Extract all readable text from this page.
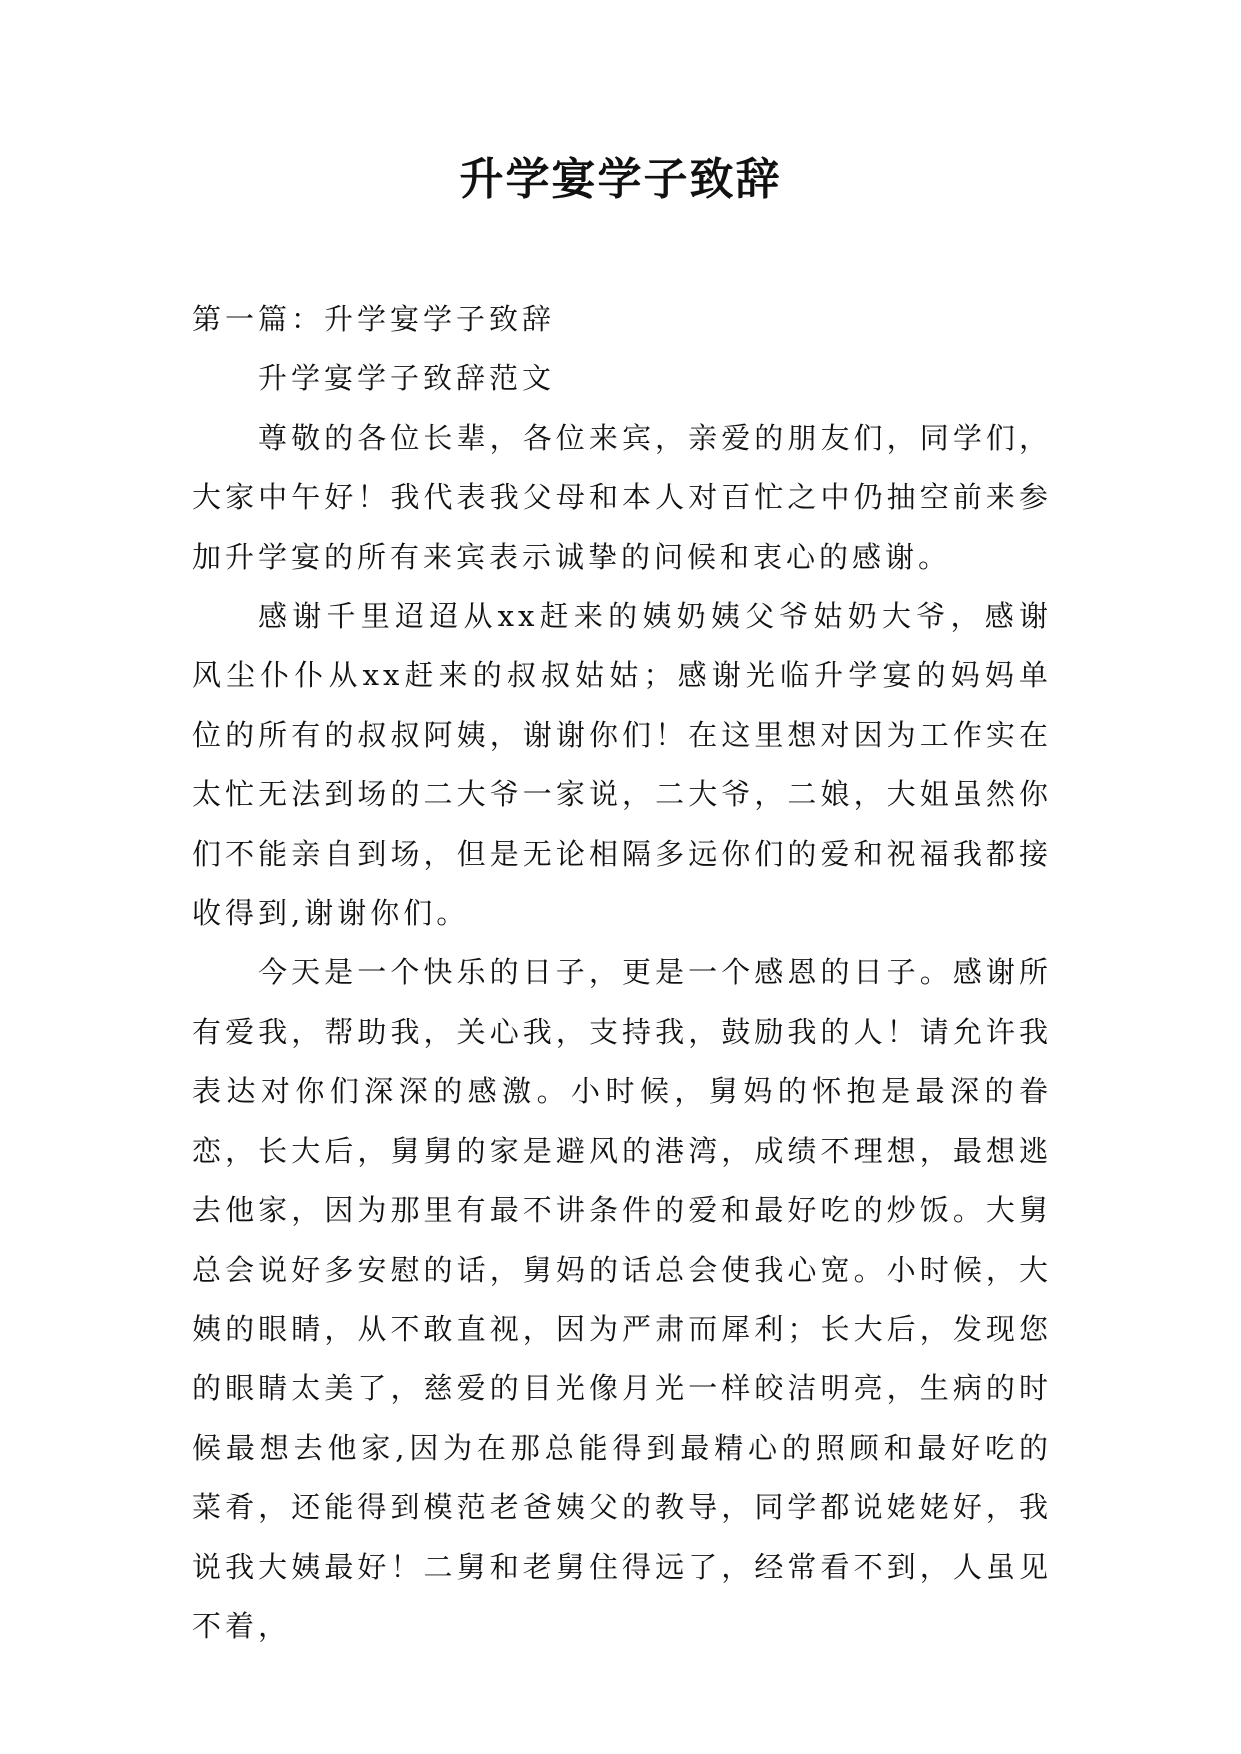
升学宴学子致辞

第一篇：升学宴学子致辞

升学宴学子致辞范文

尊敬的各位长辈，各位来宾，亲爱的朋友们，同学们，大家中午好！我代表我父母和本人对百忙之中仍抽空前来参加升学宴的所有来宾表示诚挚的问候和衷心的感谢。

感谢千里迢迢从xx赶来的姨奶姨父爷姑奶大爷，感谢风尘仆仆从xx赶来的叔叔姑姑；感谢光临升学宴的妈妈单位的所有的叔叔阿姨，谢谢你们！在这里想对因为工作实在太忙无法到场的二大爷一家说，二大爷，二娘，大姐虽然你们不能亲自到场，但是无论相隔多远你们的爱和祝福我都接收得到,谢谢你们。

今天是一个快乐的日子，更是一个感恩的日子。感谢所有爱我，帮助我，关心我，支持我，鼓励我的人！请允许我表达对你们深深的感激。小时候，舅妈的怀抱是最深的眷恋，长大后，舅舅的家是避风的港湾，成绩不理想，最想逃去他家，因为那里有最不讲条件的爱和最好吃的炒饭。大舅总会说好多安慰的话，舅妈的话总会使我心宽。小时候，大姨的眼睛，从不敢直视，因为严肃而犀利；长大后，发现您的眼睛太美了，慈爱的目光像月光一样皎洁明亮，生病的时候最想去他家,因为在那总能得到最精心的照顾和最好吃的菜肴，还能得到模范老爸姨父的教导，同学都说姥姥好，我说我大姨最好！二舅和老舅住得远了，经常看不到，人虽见不着，
